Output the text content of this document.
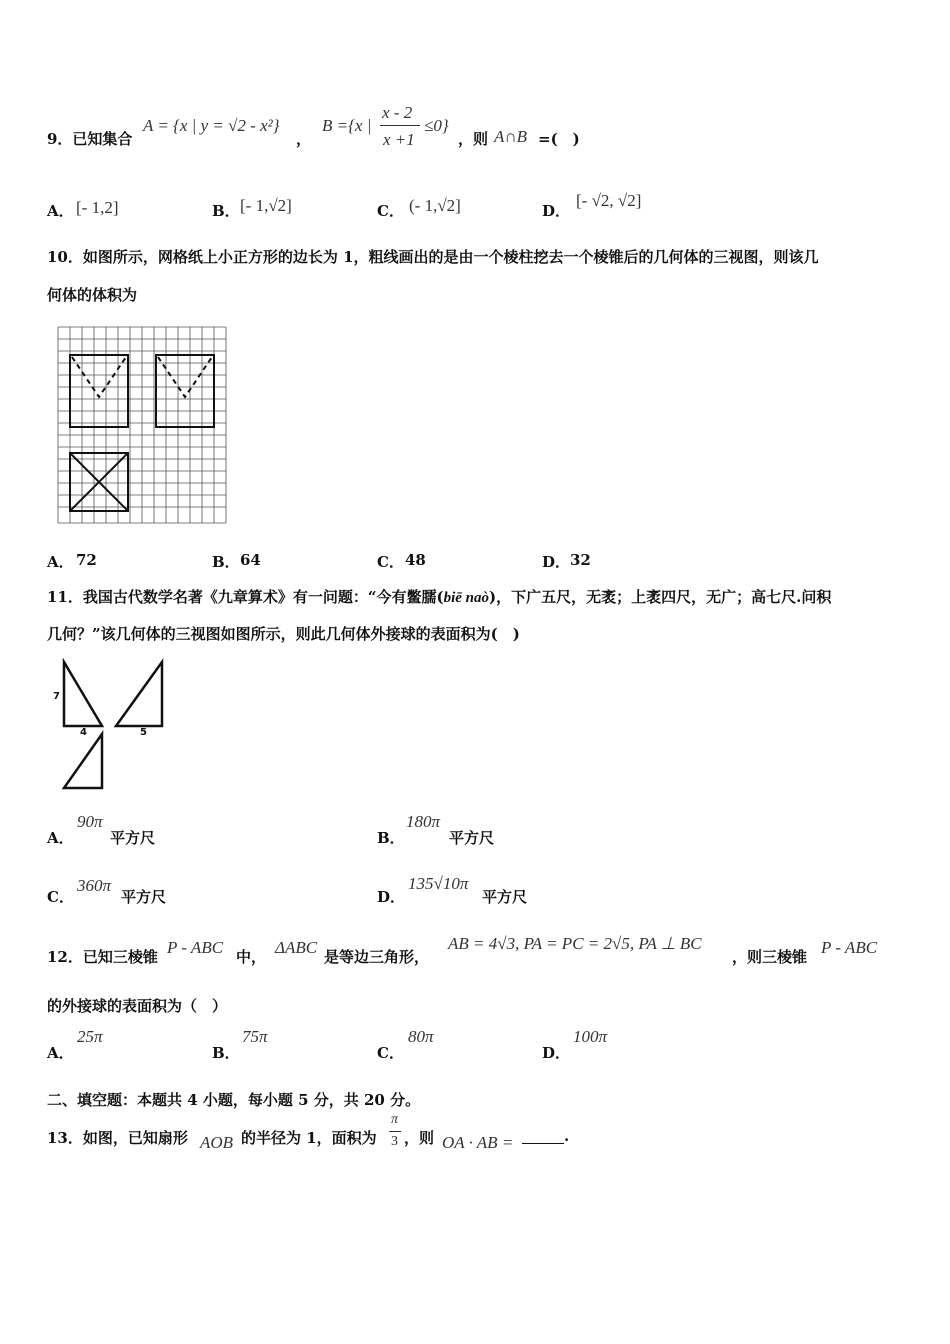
9．已知集合
A = {x | y = √2 - x²}
，
B ={x |
x - 2
x +1
≤0}
，则 A∩B =(　)
A． [- 1,2]	B． [- 1,√2]	C． (- 1,√2]	D．
[- √2, √2]
10．如图所示，网格纸上小正方形的边长为 1，粗线画出的是由一个棱柱挖去一个棱锥后的几何体的三视图，则该几
何体的体积为
A． 72	B． 64	C． 48	D． 32
11．我国古代数学名著《九章算术》有一问题：“今有鳖臑(biē naò)，下广五尺，无袤；上袤四尺，无广；高七尺.问积
几何？”该几何体的三视图如图所示，则此几何体外接球的表面积为(　)
7
4	5
A．
90π
平方尺	B．
180π
平方尺
C．
360π
平方尺	D．
135√10π
平方尺
12．已知三棱锥 P - ABC 中， ΔABC 是等边三角形，
AB = 4√3, PA = PC = 2√5, PA ⊥ BC
，则三棱锥 P - ABC
的外接球的表面积为（　）
A．
25π
B．
75π
C．
80π
D．
100π
二、填空题：本题共 4 小题，每小题 5 分，共 20 分。
13．如图，已知扇形 AOB 的半径为 1，面积为
π
3 ，则 OA · AB =	.
